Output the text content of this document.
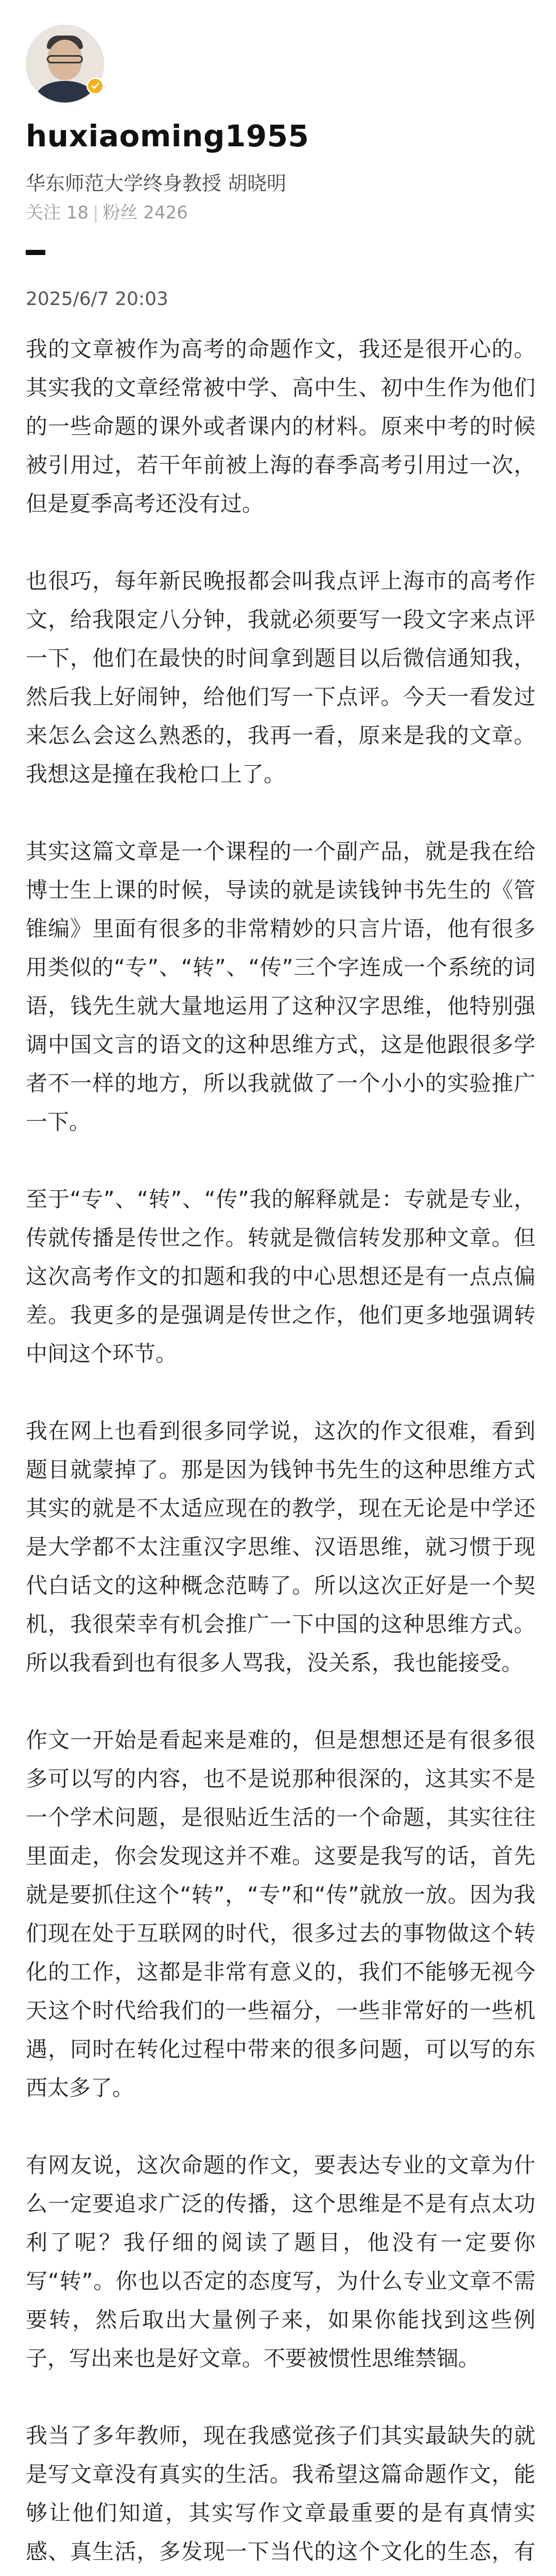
huxiaoming1955
华东师范大学终身教授 胡晓明
关注 18 | 粉丝 2426
2025/6/7 20:03

我的文章被作为高考的命题作文，我还是很开心的。其实我的文章经常被中学、高中生、初中生作为他们的一些命题的课外或者课内的材料。原来中考的时候被引用过，若干年前被上海的春季高考引用过一次，但是夏季高考还没有过。

也很巧，每年新民晚报都会叫我点评上海市的高考作文，给我限定八分钟，我就必须要写一段文字来点评一下，他们在最快的时间拿到题目以后微信通知我，然后我上好闹钟，给他们写一下点评。今天一看发过来怎么会这么熟悉的，我再一看，原来是我的文章。我想这是撞在我枪口上了。

其实这篇文章是一个课程的一个副产品，就是我在给博士生上课的时候，导读的就是读钱钟书先生的《管锥编》里面有很多的非常精妙的只言片语，他有很多用类似的“专”、“转”、“传”三个字连成一个系统的词语，钱先生就大量地运用了这种汉字思维，他特别强调中国文言的语文的这种思维方式，这是他跟很多学者不一样的地方，所以我就做了一个小小的实验推广一下。

至于“专”、“转”、“传”我的解释就是：专就是专业，传就传播是传世之作。转就是微信转发那种文章。但这次高考作文的扣题和我的中心思想还是有一点点偏差。我更多的是强调是传世之作，他们更多地强调转中间这个环节。

我在网上也看到很多同学说，这次的作文很难，看到题目就蒙掉了。那是因为钱钟书先生的这种思维方式其实的就是不太适应现在的教学，现在无论是中学还是大学都不太注重汉字思维、汉语思维，就习惯于现代白话文的这种概念范畴了。所以这次正好是一个契机，我很荣幸有机会推广一下中国的这种思维方式。所以我看到也有很多人骂我，没关系，我也能接受。

作文一开始是看起来是难的，但是想想还是有很多很多可以写的内容，也不是说那种很深的，这其实不是一个学术问题，是很贴近生活的一个命题，其实往往里面走，你会发现这并不难。这要是我写的话，首先就是要抓住这个“转”，“专”和“传”就放一放。因为我们现在处于互联网的时代，很多过去的事物做这个转化的工作，这都是非常有意义的，我们不能够无视今天这个时代给我们的一些福分，一些非常好的一些机遇，同时在转化过程中带来的很多问题，可以写的东西太多了。

有网友说，这次命题的作文，要表达专业的文章为什么一定要追求广泛的传播，这个思维是不是有点太功利了呢？我仔细的阅读了题目，他没有一定要你写“转”。你也以否定的态度写，为什么专业文章不需要转，然后取出大量例子来，如果你能找到这些例子，写出来也是好文章。不要被惯性思维禁锢。

我当了多年教师，现在我感觉孩子们其实最缺失的就是写文章没有真实的生活。我希望这篇命题作文，能够让他们知道，其实写作文章最重要的是有真情实感、真生活，多发现一下当代的这个文化的生态，有
